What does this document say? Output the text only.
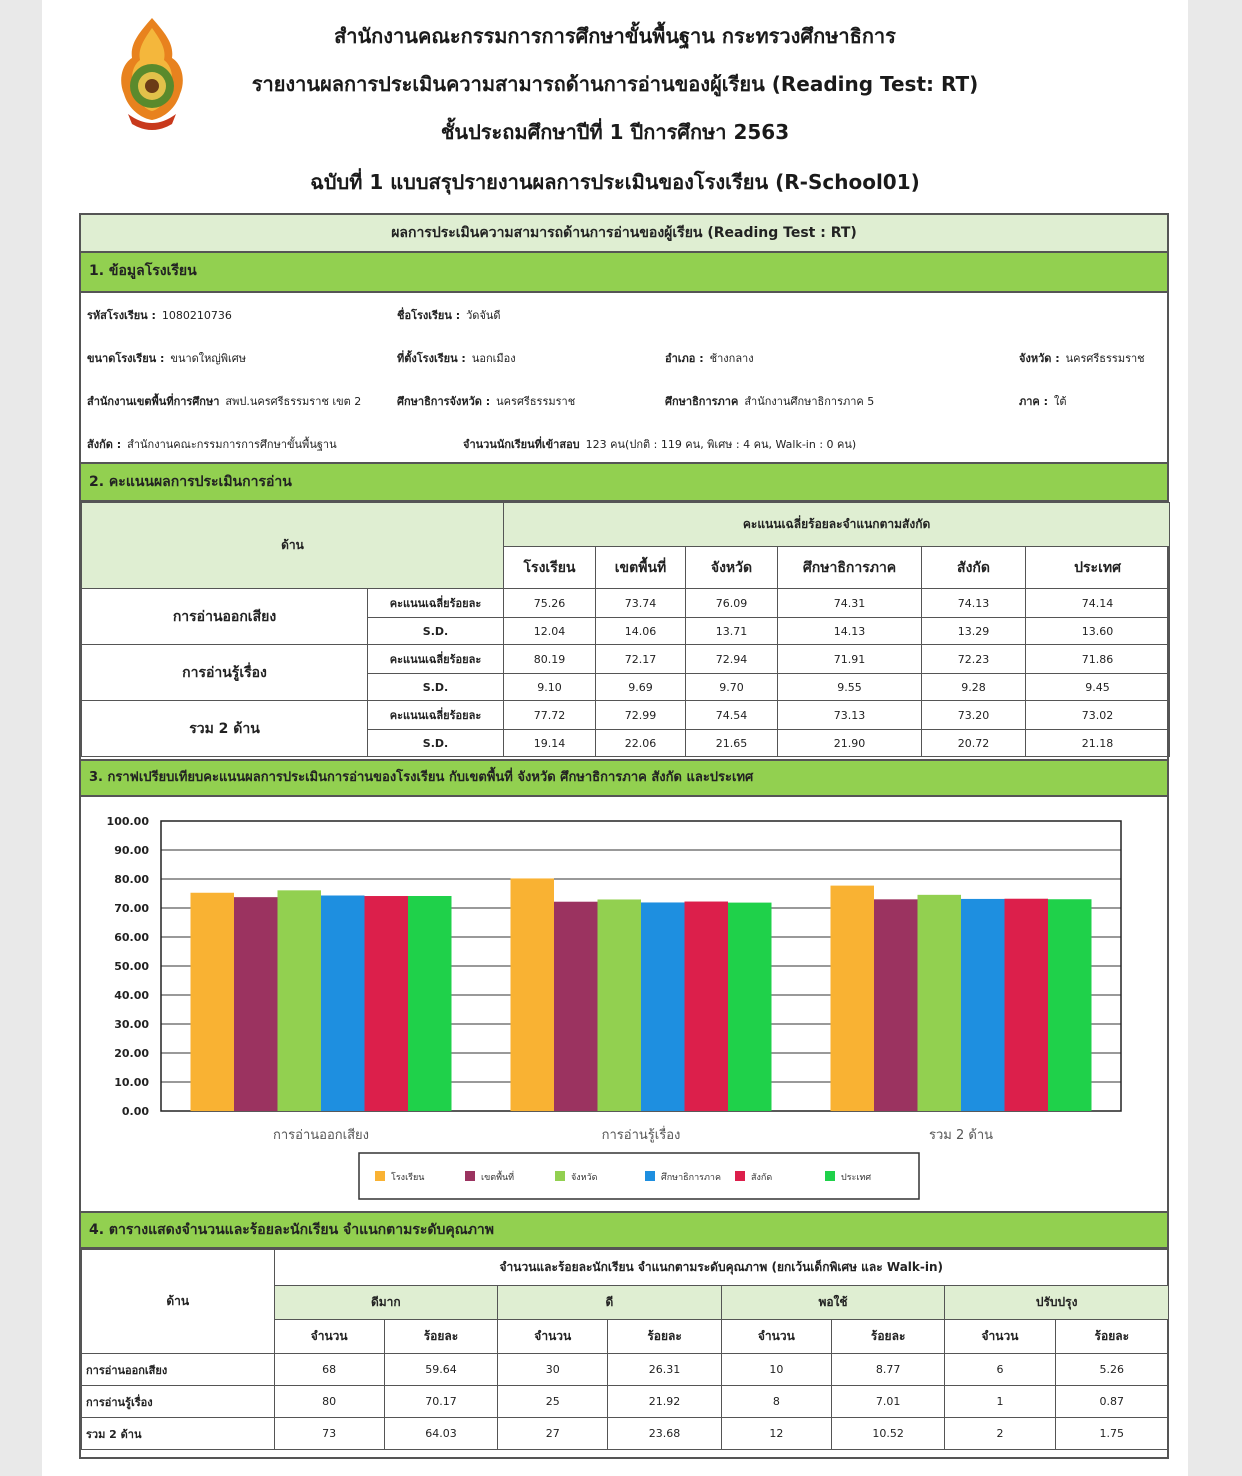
สำนักงานคณะกรรมการการศึกษาขั้นพื้นฐาน กระทรวงศึกษาธิการ
รายงานผลการประเมินความสามารถด้านการอ่านของผู้เรียน (Reading Test: RT)
ชั้นประถมศึกษาปีที่ 1 ปีการศึกษา 2563
ฉบับที่ 1 แบบสรุปรายงานผลการประเมินของโรงเรียน (R-School01)
ผลการประเมินความสามารถด้านการอ่านของผู้เรียน (Reading Test : RT)
1. ข้อมูลโรงเรียน
รหัสโรงเรียน : 1080210736	ชื่อโรงเรียน : วัดจันดี
ขนาดโรงเรียน : ขนาดใหญ่พิเศษ	ที่ตั้งโรงเรียน : นอกเมือง	อำเภอ : ช้างกลาง	จังหวัด : นครศรีธรรมราช
สำนักงานเขตพื้นที่การศึกษา สพป.นครศรีธรรมราช เขต 2	ศึกษาธิการจังหวัด : นครศรีธรรมราช	ศึกษาธิการภาค สำนักงานศึกษาธิการภาค 5	ภาค : ใต้
สังกัด : สำนักงานคณะกรรมการการศึกษาขั้นพื้นฐาน	จำนวนนักเรียนที่เข้าสอบ 123 คน(ปกติ : 119 คน, พิเศษ : 4 คน, Walk-in : 0 คน)
2. คะแนนผลการประเมินการอ่าน
ด้าน		คะแนนเฉลี่ยร้อยละจำแนกตามสังกัด					
		โรงเรียน	เขตพื้นที่	จังหวัด	ศึกษาธิการภาค	สังกัด	ประเทศ
การอ่านออกเสียง	คะแนนเฉลี่ยร้อยละ	75.26	73.74	76.09	74.31	74.13	74.14
	S.D.	12.04	14.06	13.71	14.13	13.29	13.60
การอ่านรู้เรื่อง	คะแนนเฉลี่ยร้อยละ	80.19	72.17	72.94	71.91	72.23	71.86
	S.D.	9.10	9.69	9.70	9.55	9.28	9.45
รวม 2 ด้าน	คะแนนเฉลี่ยร้อยละ	77.72	72.99	74.54	73.13	73.20	73.02
	S.D.	19.14	22.06	21.65	21.90	20.72	21.18
3. กราฟเปรียบเทียบคะแนนผลการประเมินการอ่านของโรงเรียน กับเขตพื้นที่ จังหวัด ศึกษาธิการภาค สังกัด และประเทศ
0.00
10.00
20.00
30.00
40.00
50.00
60.00
70.00
80.00
90.00
100.00
การอ่านออกเสียง	การอ่านรู้เรื่อง	รวม 2 ด้าน
โรงเรียน	เขตพื้นที่	จังหวัด	ศึกษาธิการภาค	สังกัด	ประเทศ
4. ตารางแสดงจำนวนและร้อยละนักเรียน จำแนกตามระดับคุณภาพ
ด้าน	จำนวนและร้อยละนักเรียน จำแนกตามระดับคุณภาพ (ยกเว้นเด็กพิเศษ และ Walk-in)							
	ดีมาก		ดี		พอใช้		ปรับปรุง	
	จำนวน	ร้อยละ	จำนวน	ร้อยละ	จำนวน	ร้อยละ	จำนวน	ร้อยละ
การอ่านออกเสียง	68	59.64	30	26.31	10	8.77	6	5.26
การอ่านรู้เรื่อง	80	70.17	25	21.92	8	7.01	1	0.87
รวม 2 ด้าน	73	64.03	27	23.68	12	10.52	2	1.75
